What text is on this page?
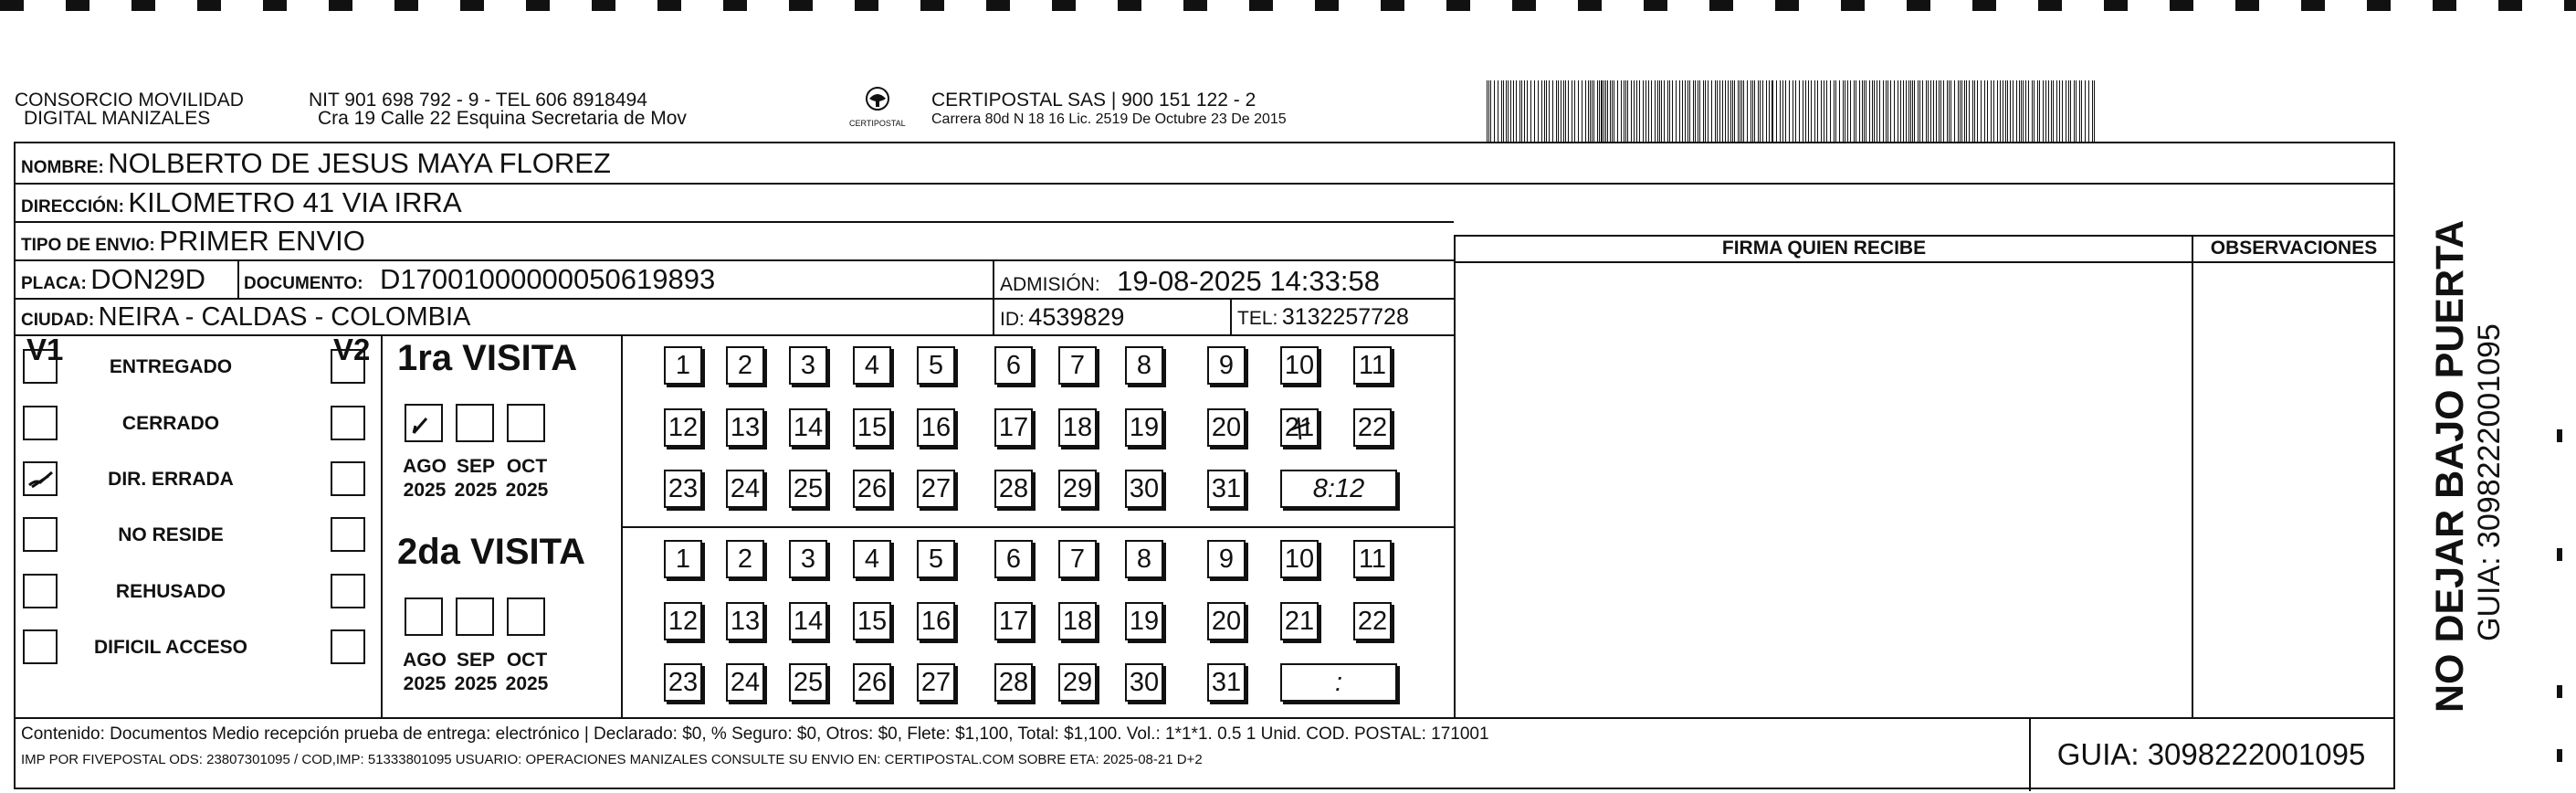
CONSORCIO MOVILIDAD
DIGITAL MANIZALES
NIT 901 698 792 - 9 - TEL 606 8918494
Cra 19 Calle 22 Esquina Secretaria de Mov	CERTIPOSTAL
CERTIPOSTAL SAS | 900 151 122 - 2
Carrera 80d N 18 16 Lic. 2519 De Octubre 23 De 2015
NOMBRE: NOLBERTO DE JESUS MAYA FLOREZ
DIRECCIÓN: KILOMETRO 41 VIA IRRA
TIPO DE ENVIO: PRIMER ENVIO
PLACA: DON29D DOCUMENTO: D17001000000050619893	ADMISIÓN: 19-08-2025 14:33:58
CIUDAD: NEIRA - CALDAS - COLOMBIA	ID: 4539829	TEL: 3132257728
FIRMA QUIEN RECIBE	OBSERVACIONES
V1	V2
ENTREGADO
CERRADO
DIR. ERRADA
NO RESIDE
REHUSADO
DIFICIL ACCESO
1ra VISITA
2da VISITA
AGO
2025
SEP
2025
OCT
2025
AGO
2025
SEP
2025
OCT
2025
1	2	3	4	5	6	7	8	9	10 11
12 13 14 15 16 17 18 19 20 21 22
23 24 25 26 27 28 29 30 31	8:12
1	2	3	4	5	6	7	8	9	10 11
12 13 14 15 16 17 18 19 20 21 22
23 24 25 26 27 28 29 30 31	:
Contenido: Documentos Medio recepción prueba de entrega: electrónico | Declarado: $0, % Seguro: $0, Otros: $0, Flete: $1,100, Total: $1,100. Vol.: 1*1*1. 0.5 1 Unid. COD. POSTAL: 171001
IMP POR FIVEPOSTAL ODS: 23807301095 / COD,IMP: 51333801095 USUARIO: OPERACIONES MANIZALES CONSULTE SU ENVIO EN: CERTIPOSTAL.COM SOBRE ETA: 2025-08-21 D+2	GUIA: 3098222001095
NO DEJAR BAJO PUERTA GUIA: 3098222001095
